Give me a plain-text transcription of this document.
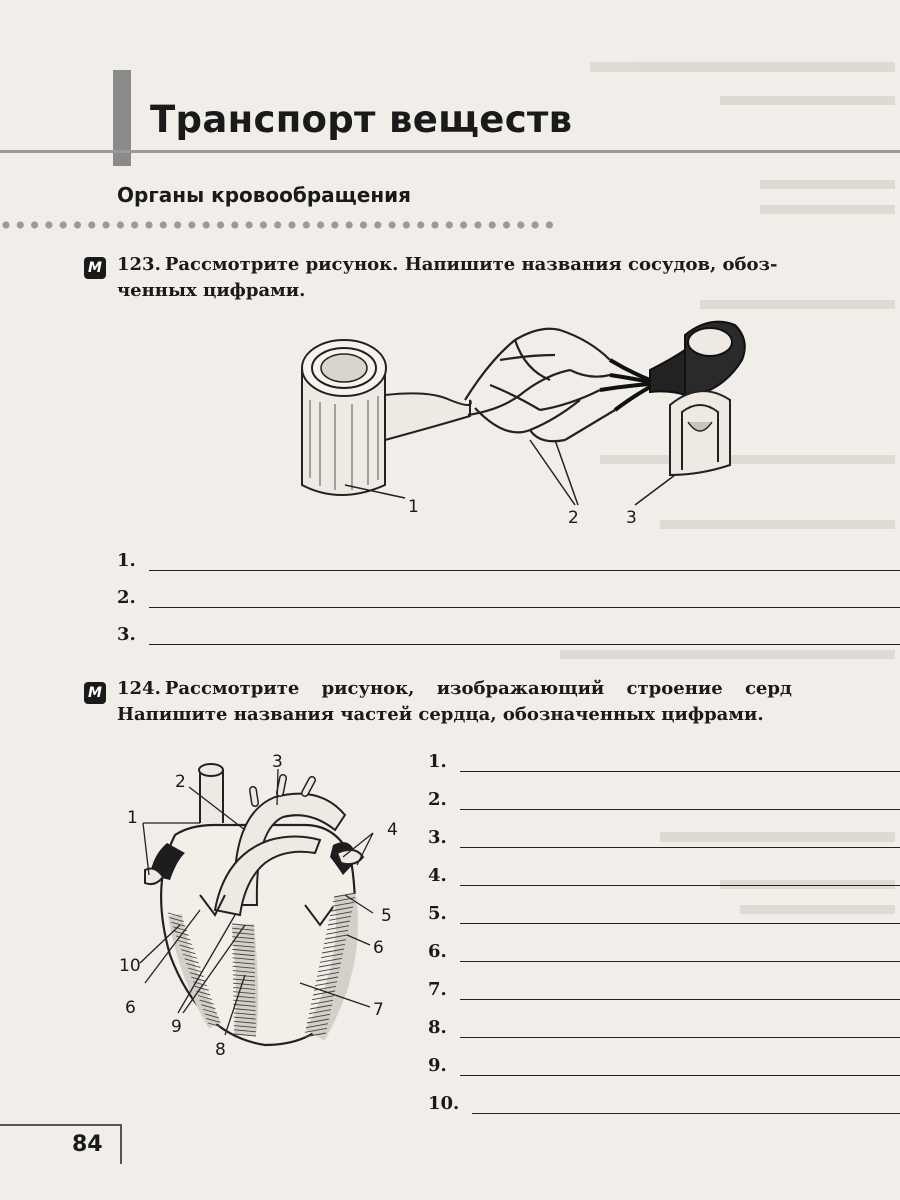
Транспорт веществ
Органы кровообращения
М 123. Рассмотрите рисунок. Напишите названия сосудов, обоз-
ченных цифрами.

1
2	3
1.
2.
3.
М 124. Рассмотрите рисунок, изображающий строение серд
Напишите названия частей сердца, обозначенных цифрами.

1
2
3
4
5
6
6	7
8
9
10
1.
2.
3.
4.
5.
6.
7.
8.
9.
10.
84
